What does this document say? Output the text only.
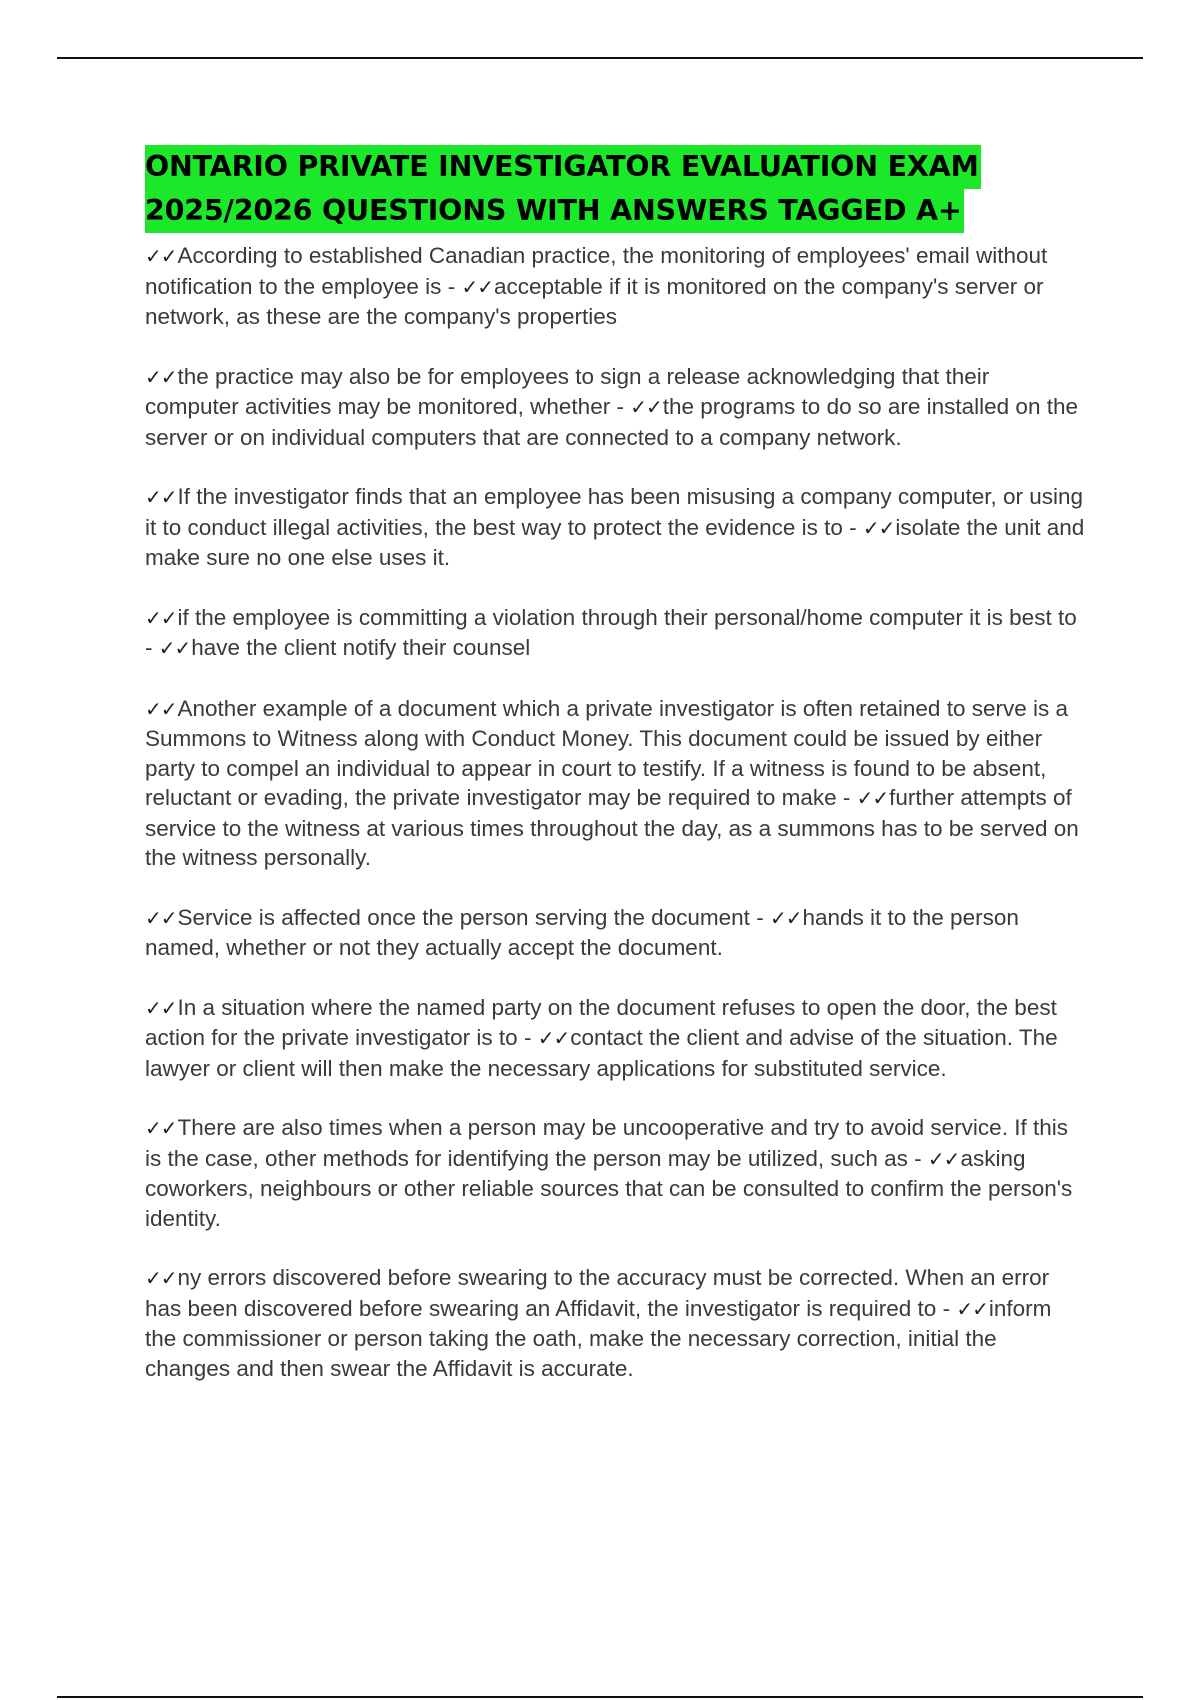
ONTARIO PRIVATE INVESTIGATOR EVALUATION EXAM
2025/2026 QUESTIONS WITH ANSWERS TAGGED A+

✓✓According to established Canadian practice, the monitoring of employees' email without notification to the employee is - ✓✓acceptable if it is monitored on the company's server or network, as these are the company's properties

✓✓the practice may also be for employees to sign a release acknowledging that their computer activities may be monitored, whether - ✓✓the programs to do so are installed on the server or on individual computers that are connected to a company network.

✓✓If the investigator finds that an employee has been misusing a company computer, or using it to conduct illegal activities, the best way to protect the evidence is to - ✓✓isolate the unit and make sure no one else uses it.

✓✓if the employee is committing a violation through their personal/home computer it is best to - ✓✓have the client notify their counsel

✓✓Another example of a document which a private investigator is often retained to serve is a Summons to Witness along with Conduct Money. This document could be issued by either party to compel an individual to appear in court to testify. If a witness is found to be absent, reluctant or evading, the private investigator may be required to make - ✓✓further attempts of service to the witness at various times throughout the day, as a summons has to be served on the witness personally.

✓✓Service is affected once the person serving the document - ✓✓hands it to the person named, whether or not they actually accept the document.

✓✓In a situation where the named party on the document refuses to open the door, the best action for the private investigator is to - ✓✓contact the client and advise of the situation. The lawyer or client will then make the necessary applications for substituted service.

✓✓There are also times when a person may be uncooperative and try to avoid service. If this is the case, other methods for identifying the person may be utilized, such as - ✓✓asking coworkers, neighbours or other reliable sources that can be consulted to confirm the person's identity.

✓✓ny errors discovered before swearing to the accuracy must be corrected. When an error has been discovered before swearing an Affidavit, the investigator is required to - ✓✓inform the commissioner or person taking the oath, make the necessary correction, initial the changes and then swear the Affidavit is accurate.
